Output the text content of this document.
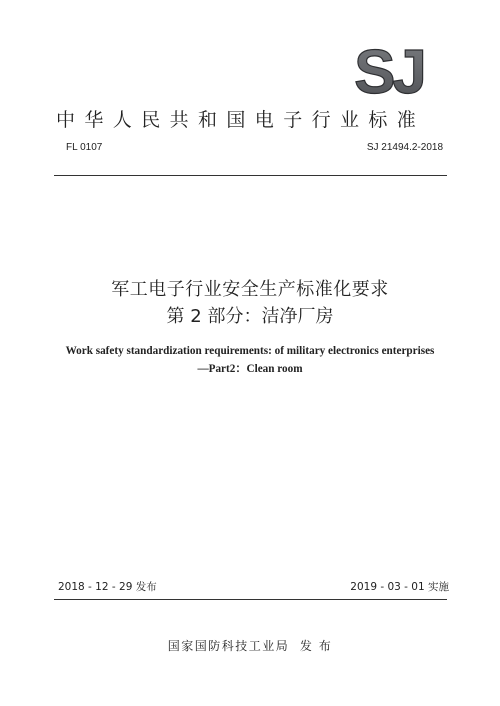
SJ
中华人民共和国电子行业标准
FL 0107	SJ 21494.2-2018
军工电子行业安全生产标准化要求
第 2 部分：洁净厂房
Work safety standardization requirements: of military electronics enterprises
—Part2：Clean room
2018 - 12 - 29 发布	2019 - 03 - 01 实施
国家国防科技工业局  发 布
